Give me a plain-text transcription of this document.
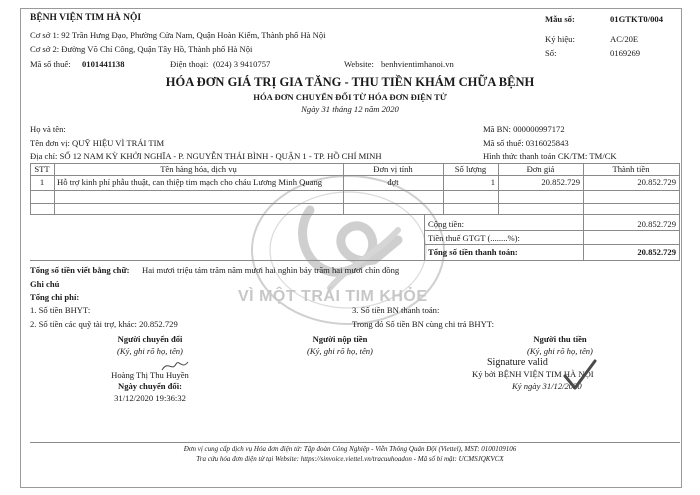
BỆNH VIỆN TIM HÀ NỘI
Cơ sở 1: 92 Trần Hưng Đạo, Phường Cửa Nam, Quận Hoàn Kiếm, Thành phố Hà Nội
Cơ sở 2: Đường Võ Chí Công, Quận Tây Hồ, Thành phố Hà Nội
Mã số thuế: 0101441138	Điện thoại: (024) 3 9410757	Website: benhvientimhanoi.vn
Mẫu số:	01GTKT0/004
Ký hiệu:	AC/20E
Số:	0169269
HÓA ĐƠN GIÁ TRỊ GIA TĂNG - THU TIỀN KHÁM CHỮA BỆNH
HÓA ĐƠN CHUYỂN ĐỔI TỪ HÓA ĐƠN ĐIỆN TỬ
Ngày 31 tháng 12 năm 2020
Họ và tên:
Tên đơn vị: QUỸ HIỆU VÌ TRÁI TIM
Địa chỉ: SỐ 12 NAM KỲ KHỞI NGHĨA - P. NGUYỄN THÁI BÌNH - QUẬN 1 - TP. HỒ CHÍ MINH
Mã BN: 000000997172
Mã số thuế: 0316025843
Hình thức thanh toán CK/TM: TM/CK
STT	Tên hàng hóa, dịch vụ	Đơn vị tính	Số lượng	Đơn giá	Thành tiền
1	Hỗ trợ kinh phí phẫu thuật, can thiệp tim mạch cho cháu Lương Minh Quang	đợt	1	20.852.729	20.852.729
Cộng tiền:	20.852.729
Tiền thuế GTGT (........%):
Tổng số tiền thanh toán:	20.852.729
Tổng số tiền viết bằng chữ: Hai mươi triệu tám trăm năm mươi hai nghìn bảy trăm hai mươi chín đồng
VÌ MỘT TRÁI TIM KHỎE
Ghi chú
Tổng chi phí:
1. Số tiền BHYT:
2. Số tiền các quỹ tài trợ, khác: 20.852.729
3. Số tiền BN thanh toán:
Trong đó Số tiền BN cùng chi trả BHYT:
Người chuyển đổi
(Ký, ghi rõ họ, tên)
Hoàng Thị Thu Huyền
Ngày chuyển đổi:
31/12/2020 19:36:32
Người nộp tiền
(Ký, ghi rõ họ, tên)
Người thu tiền
(Ký, ghi rõ họ, tên)
Signature valid
Ký bởi BỆNH VIỆN TIM HÀ NỘI
Ký ngày 31/12/2020
Đơn vị cung cấp dịch vụ Hóa đơn điện tử: Tập đoàn Công Nghiệp - Viễn Thông Quân Đội (Viettel), MST: 0100109106
Tra cứu hóa đơn điện tử tại Website: https://sinvoice.viettel.vn/tracuuhoadon - Mã số bí mật: UCMSJQKVCX
